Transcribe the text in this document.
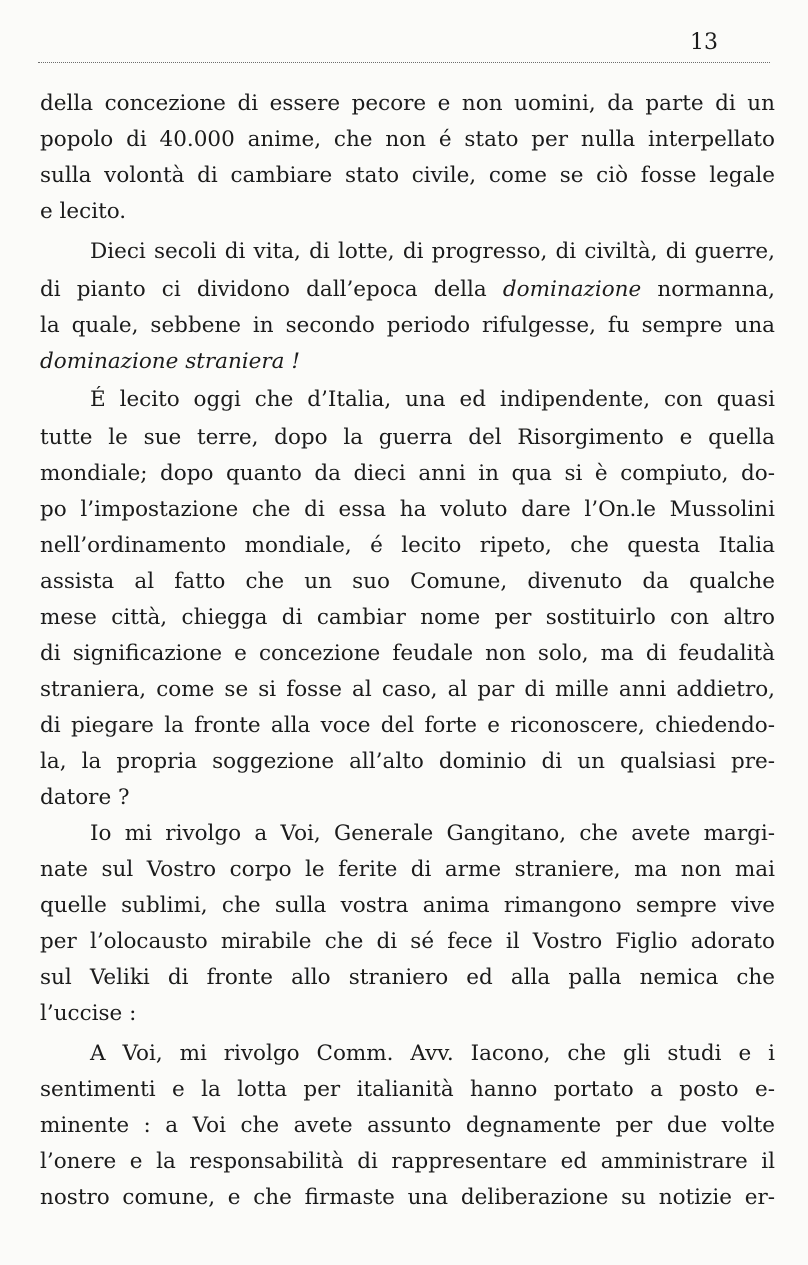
13
della concezione di essere pecore e non uomini, da parte di un
popolo di 40.000 anime, che non é stato per nulla interpellato
sulla volontà di cambiare stato civile, come se ciò fosse legale
e lecito.
Dieci secoli di vita, di lotte, di progresso, di civiltà, di guerre,
di pianto ci dividono dall’epoca della dominazione normanna,
la quale, sebbene in secondo periodo rifulgesse, fu sempre una
dominazione straniera !
É lecito oggi che d’Italia, una ed indipendente, con quasi
tutte le sue terre, dopo la guerra del Risorgimento e quella
mondiale; dopo quanto da dieci anni in qua si è compiuto, do-
po l’impostazione che di essa ha voluto dare l’On.le Mussolini
nell’ordinamento mondiale, é lecito ripeto, che questa Italia
assista al fatto che un suo Comune, divenuto da qualche
mese città, chiegga di cambiar nome per sostituirlo con altro
di significazione e concezione feudale non solo, ma di feudalità
straniera, come se si fosse al caso, al par di mille anni addietro,
di piegare la fronte alla voce del forte e riconoscere, chiedendo-
la, la propria soggezione all’alto dominio di un qualsiasi pre-
datore ?
Io mi rivolgo a Voi, Generale Gangitano, che avete margi-
nate sul Vostro corpo le ferite di arme straniere, ma non mai
quelle sublimi, che sulla vostra anima rimangono sempre vive
per l’olocausto mirabile che di sé fece il Vostro Figlio adorato
sul Veliki di fronte allo straniero ed alla palla nemica che
l’uccise :
A Voi, mi rivolgo Comm. Avv. Iacono, che gli studi e i
sentimenti e la lotta per italianità hanno portato a posto e-
minente : a Voi che avete assunto degnamente per due volte
l’onere e la responsabilità di rappresentare ed amministrare il
nostro comune, e che firmaste una deliberazione su notizie er-
